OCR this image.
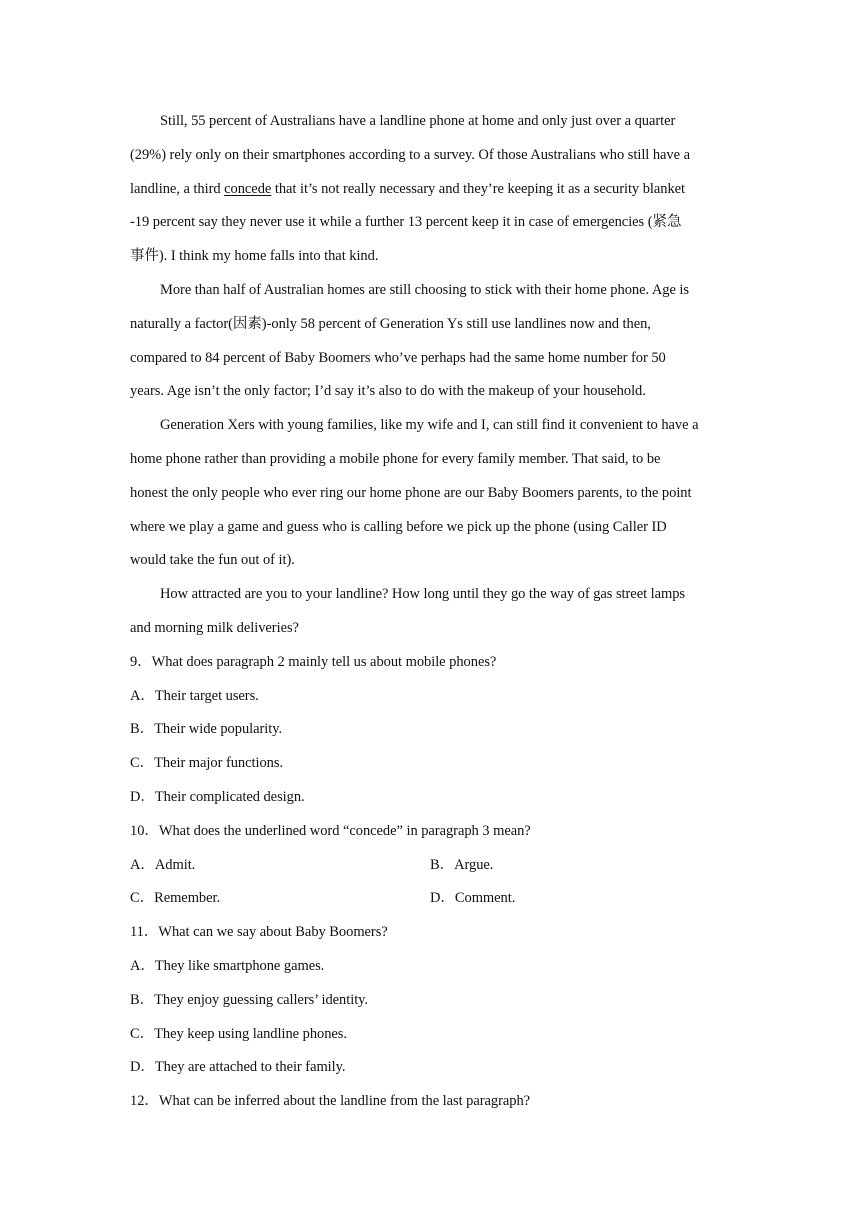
Still, 55 percent of Australians have a landline phone at home and only just over a quarter
(29%) rely only on their smartphones according to a survey. Of those Australians who still have a
landline, a third concede that it’s not really necessary and they’re keeping it as a security blanket
-19 percent say they never use it while a further 13 percent keep it in case of emergencies (紧急
事件). I think my home falls into that kind.
More than half of Australian homes are still choosing to stick with their home phone. Age is
naturally a factor(因素)-only 58 percent of Generation Ys still use landlines now and then,
compared to 84 percent of Baby Boomers who’ve perhaps had the same home number for 50
years. Age isn’t the only factor; I’d say it’s also to do with the makeup of your household.
Generation Xers with young families, like my wife and I, can still find it convenient to have a
home phone rather than providing a mobile phone for every family member. That said, to be
honest the only people who ever ring our home phone are our Baby Boomers parents, to the point
where we play a game and guess who is calling before we pick up the phone (using Caller ID
would take the fun out of it).
How attracted are you to your landline? How long until they go the way of gas street lamps
and morning milk deliveries?
9．What does paragraph 2 mainly tell us about mobile phones?
A．Their target users.
B．Their wide popularity.
C．Their major functions.
D．Their complicated design.
10．What does the underlined word “concede” in paragraph 3 mean?
A．Admit.	B．Argue.
C．Remember.	D．Comment.
11．What can we say about Baby Boomers?
A．They like smartphone games.
B．They enjoy guessing callers’ identity.
C．They keep using landline phones.
D．They are attached to their family.
12．What can be inferred about the landline from the last paragraph?
